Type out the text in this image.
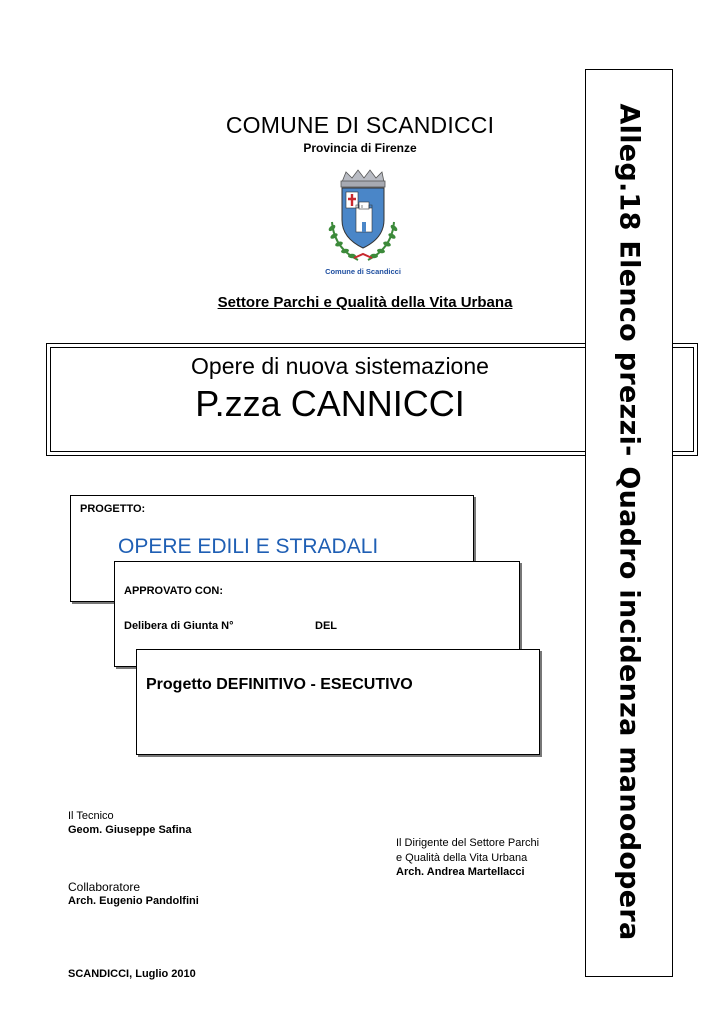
COMUNE DI SCANDICCI
Provincia di Firenze
Comune di Scandicci
Settore Parchi e Qualità della Vita Urbana
Opere di nuova sistemazione
P.zza CANNICCI	Alleg.18 Elenco prezzi- Quadro incidenza manodopera
PROGETTO:
OPERE EDILI E STRADALI
APPROVATO CON:
Delibera di Giunta N°	DEL
Progetto DEFINITIVO - ESECUTIVO
Il Tecnico
Geom. Giuseppe Safina
Il Dirigente del Settore Parchi
e Qualità della Vita Urbana
Arch. Andrea Martellacci
Collaboratore
Arch. Eugenio Pandolfini
SCANDICCI, Luglio 2010
